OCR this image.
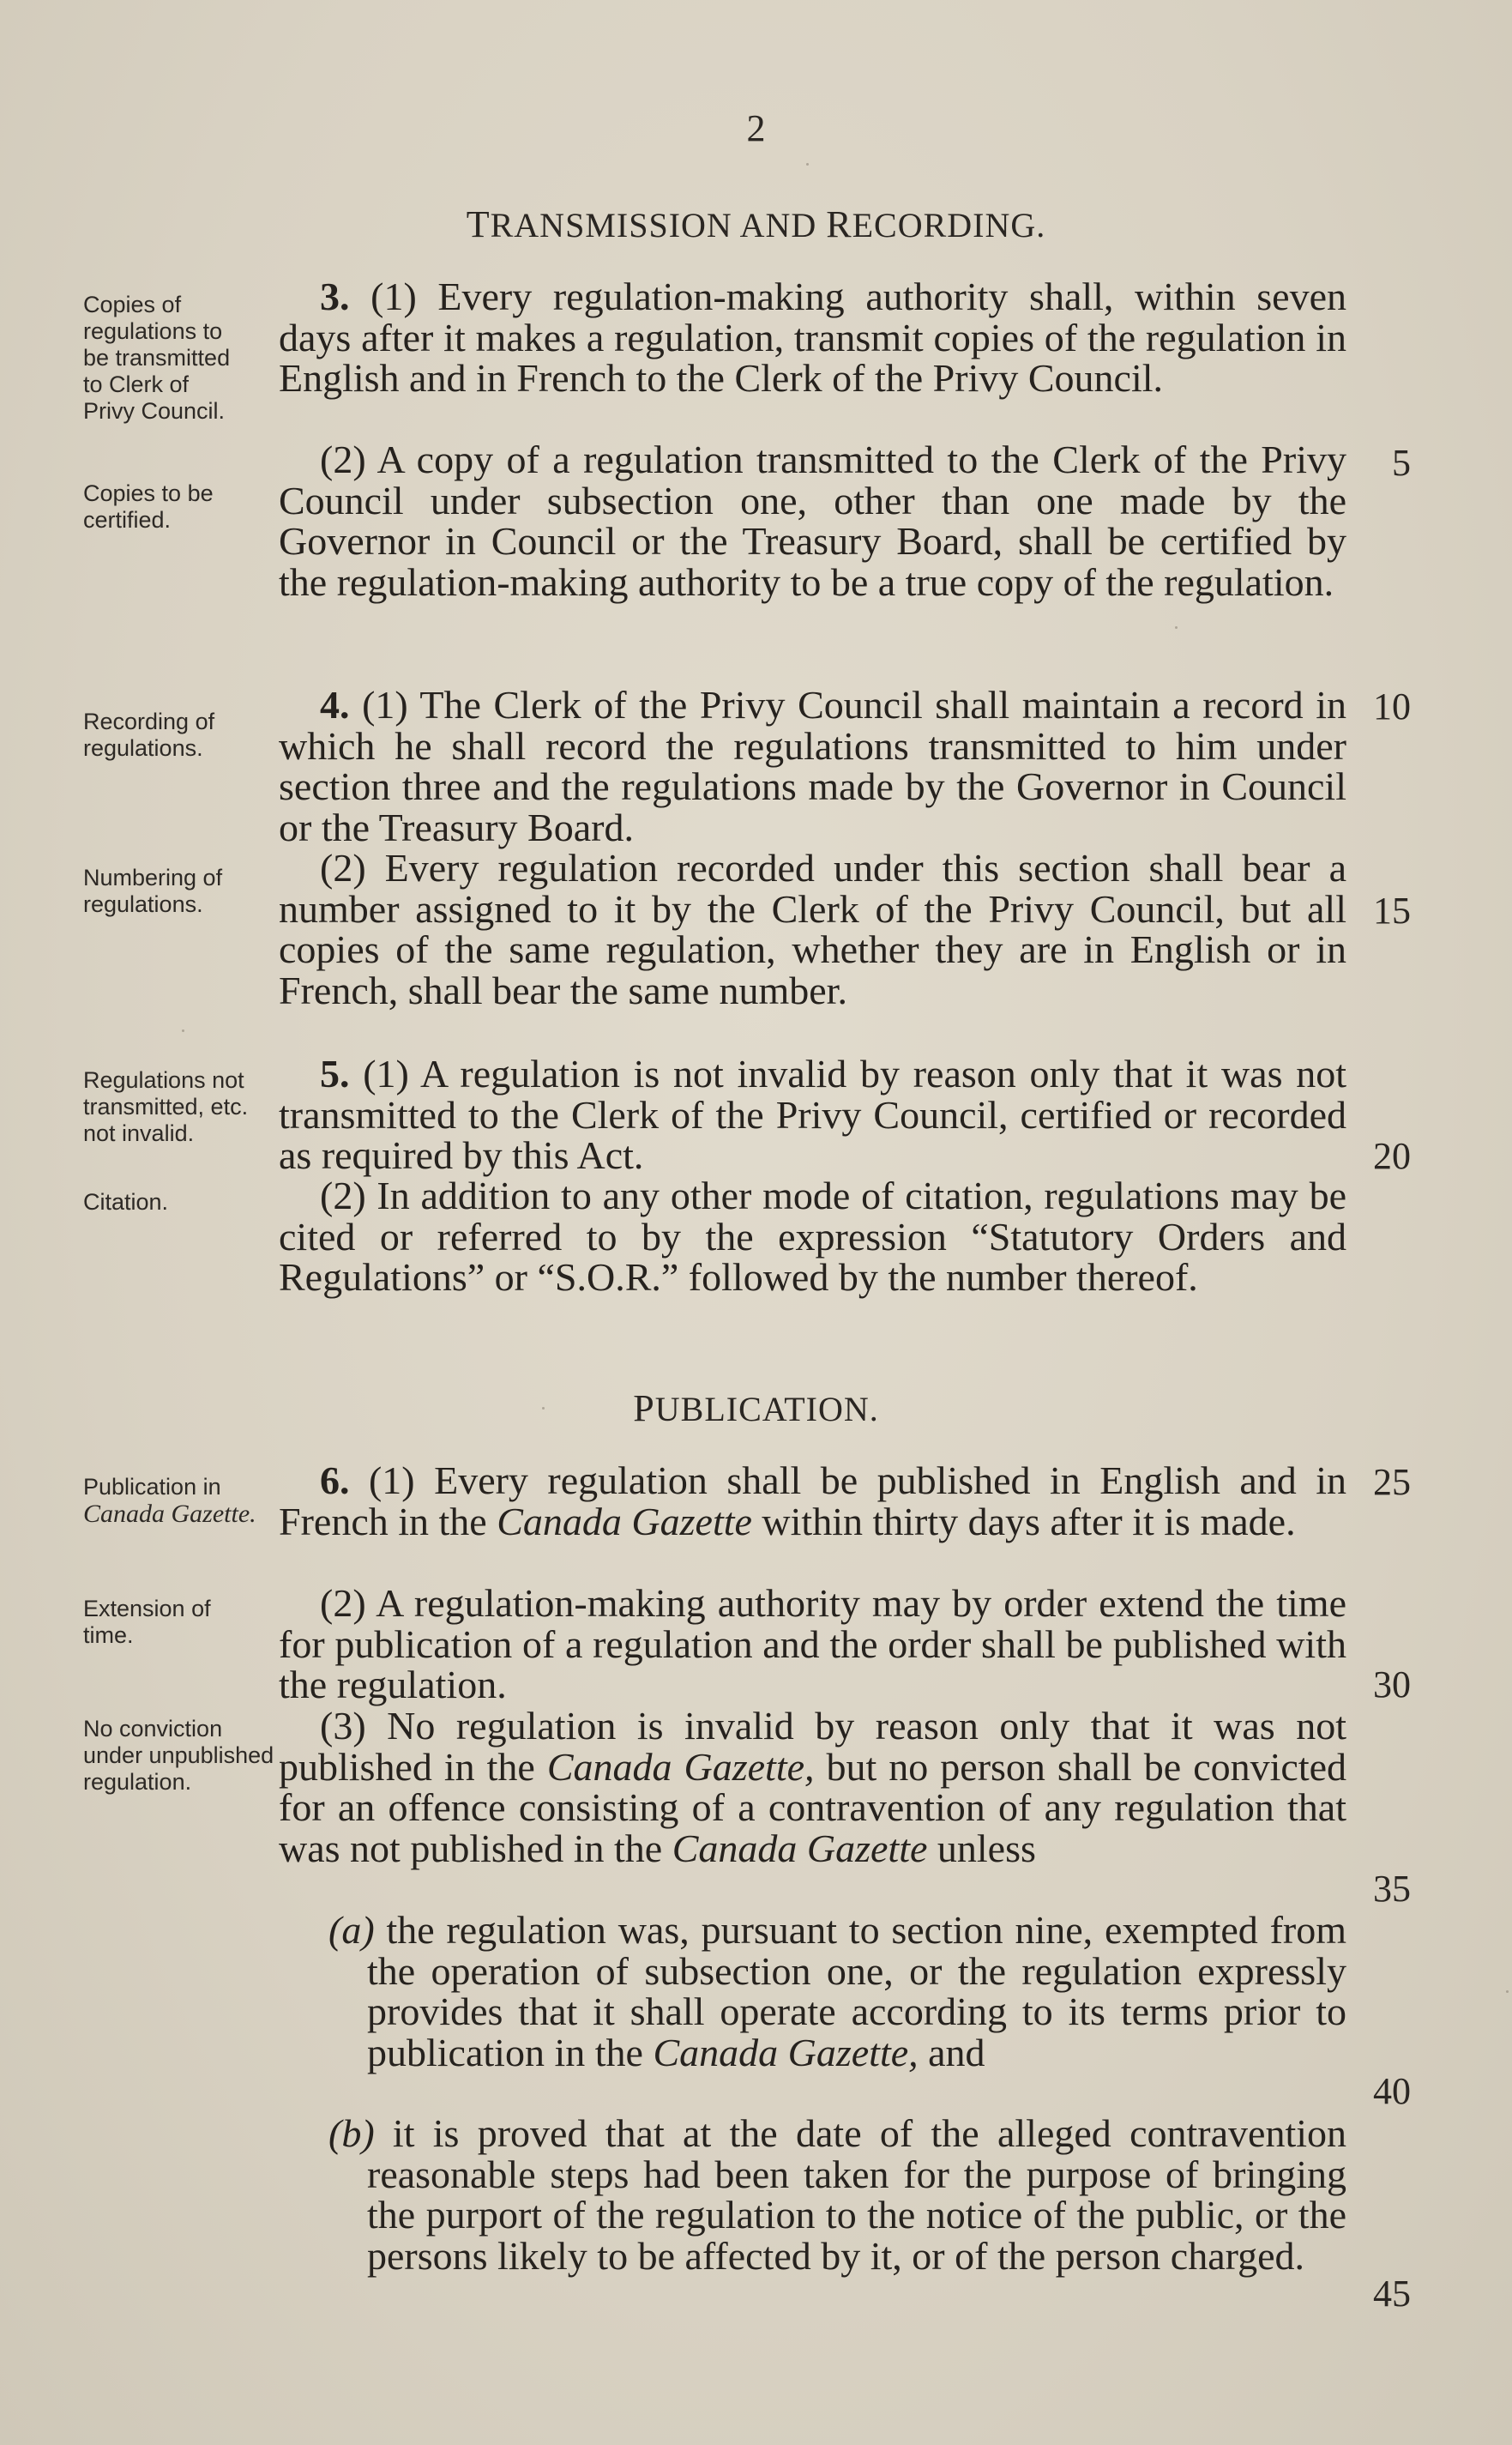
2
TRANSMISSION AND RECORDING.
Copies of regulations to be transmitted to Clerk of Privy Council.
Copies to be certified.
Recording of regulations.
Numbering of regulations.
Regulations not transmitted, etc. not invalid.
Citation.
Publication in
Canada Gazette.
Extension of time.
No conviction under unpublished regulation.
3. (1) Every regulation-making authority shall, within seven days after it makes a regulation, transmit copies of the regulation in English and in French to the Clerk of the Privy Council.
(2) A copy of a regulation transmitted to the Clerk of the Privy Council under subsection one, other than one made by the Governor in Council or the Treasury Board, shall be certified by the regulation-making authority to be a true copy of the regulation.
4. (1) The Clerk of the Privy Council shall maintain a record in which he shall record the regulations transmitted to him under section three and the regulations made by the Governor in Council or the Treasury Board.
(2) Every regulation recorded under this section shall bear a number assigned to it by the Clerk of the Privy Council, but all copies of the same regulation, whether they are in English or in French, shall bear the same number.
5. (1) A regulation is not invalid by reason only that it was not transmitted to the Clerk of the Privy Council, certified or recorded as required by this Act.
(2) In addition to any other mode of citation, regulations may be cited or referred to by the expression “Statutory Orders and Regulations” or “S.O.R.” followed by the number thereof.
PUBLICATION.
6. (1) Every regulation shall be published in English and in French in the Canada Gazette within thirty days after it is made.
(2) A regulation-making authority may by order extend the time for publication of a regulation and the order shall be published with the regulation.
(3) No regulation is invalid by reason only that it was not published in the Canada Gazette, but no person shall be convicted for an offence consisting of a contravention of any regulation that was not published in the Canada Gazette unless
(a) the regulation was, pursuant to section nine, exempted from the operation of subsection one, or the regulation expressly provides that it shall operate according to its terms prior to publication in the Canada Gazette, and
(b) it is proved that at the date of the alleged contravention reasonable steps had been taken for the purpose of bringing the purport of the regulation to the notice of the public, or the persons likely to be affected by it, or of the person charged.
5
10
15
20
25
30
35
40
45
